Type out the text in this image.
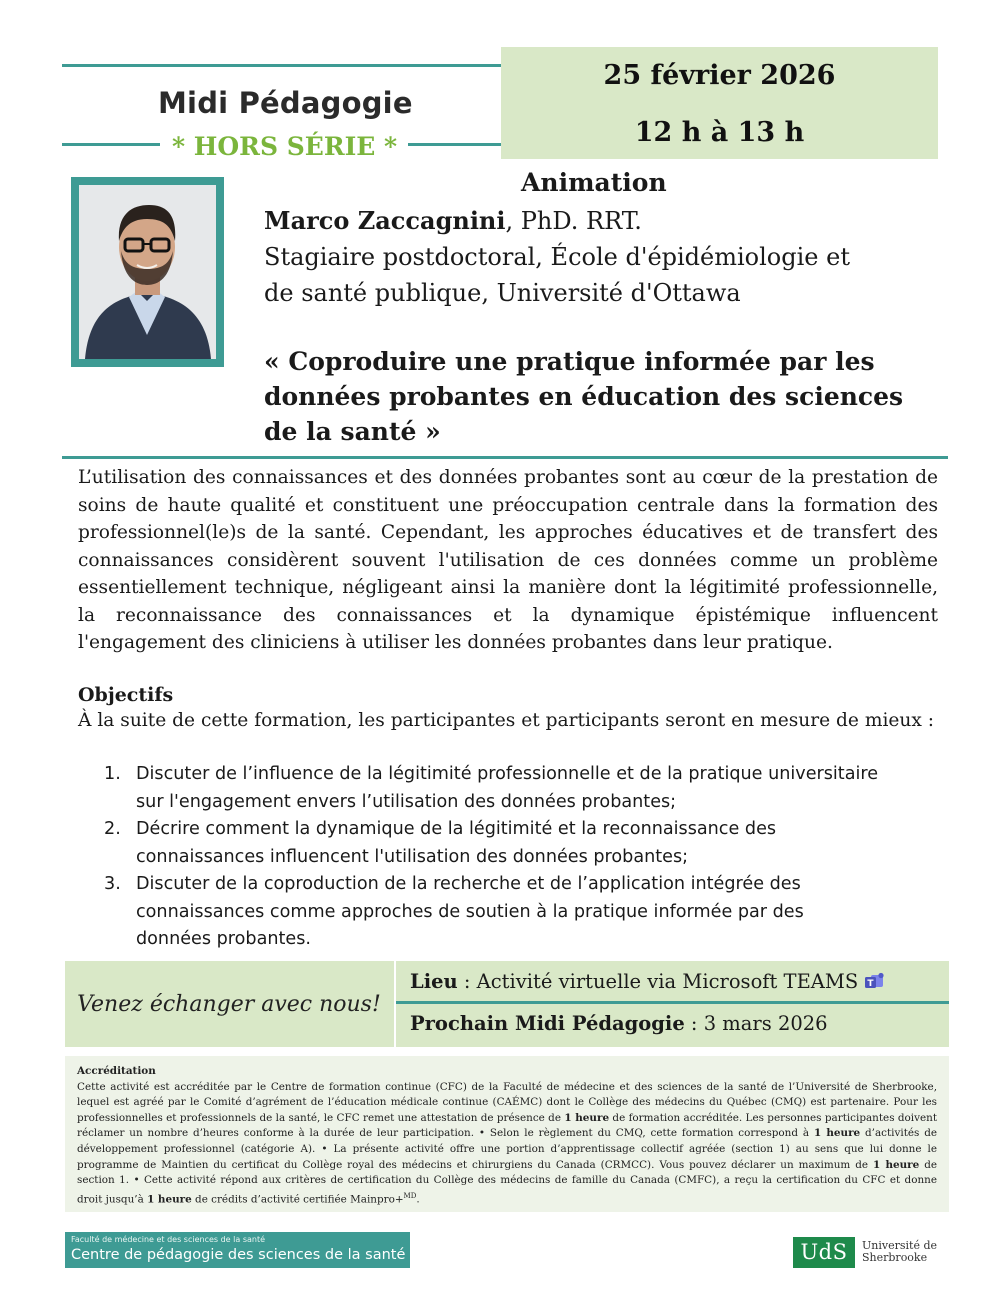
Midi Pédagogie
* HORS SÉRIE *
25 février 2026
12 h à 13 h
Animation
Marco Zaccagnini, PhD. RRT.
Stagiaire postdoctoral, École d'épidémiologie et
de santé publique, Université d'Ottawa
« Coproduire une pratique informée par les données probantes en éducation des sciences de la santé »
L’utilisation des connaissances et des données probantes sont au cœur de la prestation de soins de haute qualité et constituent une préoccupation centrale dans la formation des professionnel(le)s de la santé. Cependant, les approches éducatives et de transfert des connaissances considèrent souvent l'utilisation de ces données comme un problème essentiellement technique, négligeant ainsi la manière dont la légitimité professionnelle, la reconnaissance des connaissances et la dynamique épistémique influencent l'engagement des cliniciens à utiliser les données probantes dans leur pratique.
Objectifs
À la suite de cette formation, les participantes et participants seront en mesure de mieux :
1. Discuter de l’influence de la légitimité professionnelle et de la pratique universitaire sur l'engagement envers l’utilisation des données probantes;
2. Décrire comment la dynamique de la légitimité et la reconnaissance des connaissances influencent l'utilisation des données probantes;
3. Discuter de la coproduction de la recherche et de l’application intégrée des connaissances comme approches de soutien à la pratique informée par des données probantes.
Venez échanger avec nous!
Lieu : Activité virtuelle via Microsoft TEAMS T
Prochain Midi Pédagogie : 3 mars 2026
Accréditation
Cette activité est accréditée par le Centre de formation continue (CFC) de la Faculté de médecine et des sciences de la santé de l’Université de Sherbrooke, lequel est agréé par le Comité d’agrément de l’éducation médicale continue (CAÉMC) dont le Collège des médecins du Québec (CMQ) est partenaire. Pour les professionnelles et professionnels de la santé, le CFC remet une attestation de présence de 1 heure de formation accréditée. Les personnes participantes doivent réclamer un nombre d’heures conforme à la durée de leur participation. • Selon le règlement du CMQ, cette formation correspond à 1 heure d’activités de développement professionnel (catégorie A). • La présente activité offre une portion d’apprentissage collectif agréée (section 1) au sens que lui donne le programme de Maintien du certificat du Collège royal des médecins et chirurgiens du Canada (CRMCC). Vous pouvez déclarer un maximum de 1 heure de section 1. • Cette activité répond aux critères de certification du Collège des médecins de famille du Canada (CMFC), a reçu la certification du CFC et donne droit jusqu’à 1 heure de crédits d’activité certifiée Mainpro+$^{MD}$.
Faculté de médecine et des sciences de la santé
Centre de pédagogie des sciences de la santé	UdS	Université de
Sherbrooke
